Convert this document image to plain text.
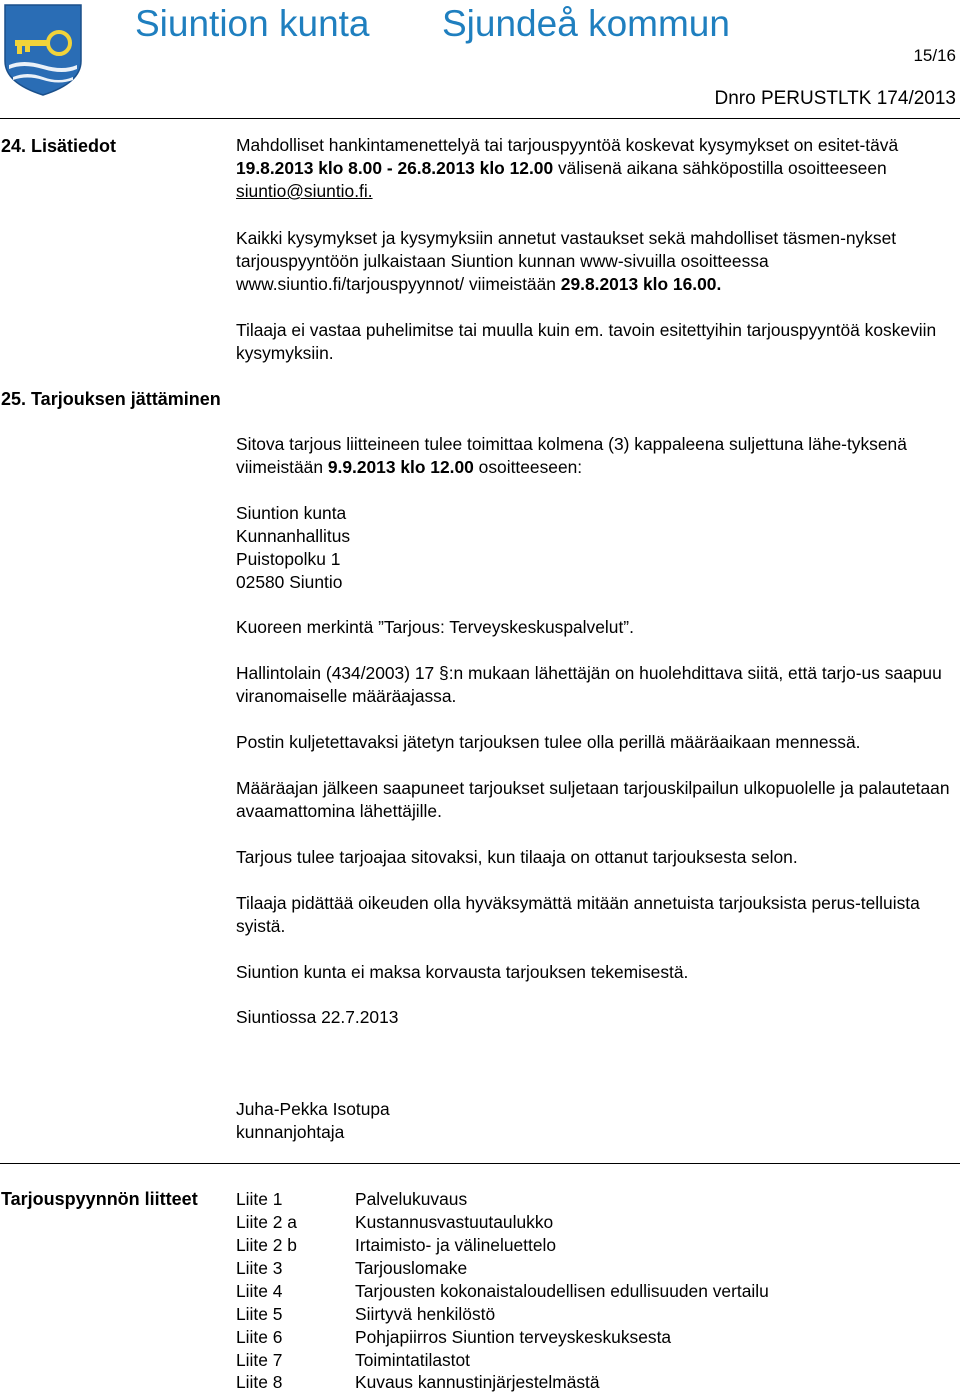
Siuntion kunta Sjundeå kommun
15/16
Dnro PERUSTLTK 174/2013
24. Lisätiedot
25. Tarjouksen jättäminen
Mahdolliset hankintamenettelyä tai tarjouspyyntöä koskevat kysymykset on esitet-tävä 19.8.2013 klo 8.00 - 26.8.2013 klo 12.00 välisenä aikana sähköpostilla osoitteeseen siuntio@siuntio.fi.
Kaikki kysymykset ja kysymyksiin annetut vastaukset sekä mahdolliset täsmen-nykset tarjouspyyntöön julkaistaan Siuntion kunnan www-sivuilla osoitteessa www.siuntio.fi/tarjouspyynnot/ viimeistään 29.8.2013 klo 16.00.
Tilaaja ei vastaa puhelimitse tai muulla kuin em. tavoin esitettyihin tarjouspyyntöä koskeviin kysymyksiin.
Sitova tarjous liitteineen tulee toimittaa kolmena (3) kappaleena suljettuna lähe-tyksenä viimeistään 9.9.2013 klo 12.00 osoitteeseen:
Siuntion kunta
Kunnanhallitus
Puistopolku 1
02580 Siuntio
Kuoreen merkintä ”Tarjous: Terveyskeskuspalvelut”.
Hallintolain (434/2003) 17 §:n mukaan lähettäjän on huolehdittava siitä, että tarjo-us saapuu viranomaiselle määräajassa.
Postin kuljetettavaksi jätetyn tarjouksen tulee olla perillä määräaikaan mennessä.
Määräajan jälkeen saapuneet tarjoukset suljetaan tarjouskilpailun ulkopuolelle ja palautetaan avaamattomina lähettäjille.
Tarjous tulee tarjoajaa sitovaksi, kun tilaaja on ottanut tarjouksesta selon.
Tilaaja pidättää oikeuden olla hyväksymättä mitään annetuista tarjouksista perus-telluista syistä.
Siuntion kunta ei maksa korvausta tarjouksen tekemisestä.
Siuntiossa 22.7.2013
Juha-Pekka Isotupa
kunnanjohtaja
Tarjouspyynnön liitteet Liite 1	Palvelukuvaus
Liite 2 a	Kustannusvastuutaulukko
Liite 2 b	Irtaimisto- ja välineluettelo
Liite 3	Tarjouslomake
Liite 4	Tarjousten kokonaistaloudellisen edullisuuden vertailu
Liite 5	Siirtyvä henkilöstö
Liite 6	Pohjapiirros Siuntion terveyskeskuksesta
Liite 7	Toimintatilastot
Liite 8	Kuvaus kannustinjärjestelmästä
